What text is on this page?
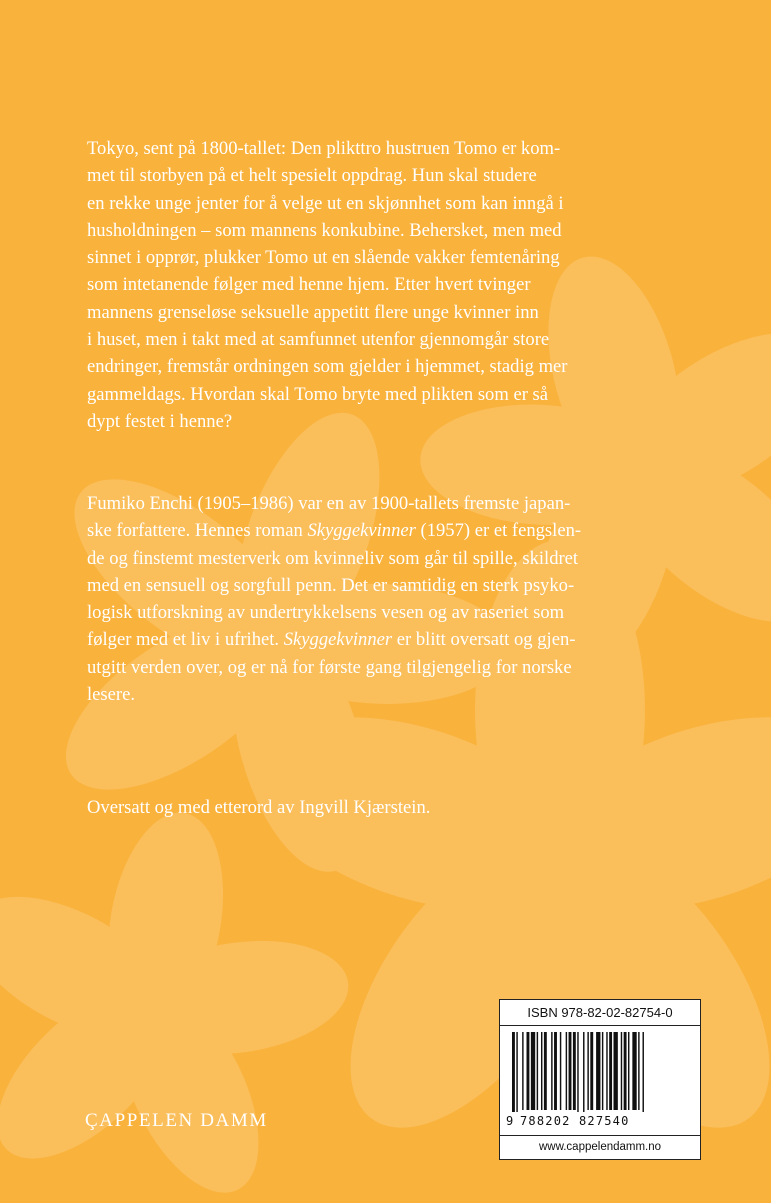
Tokyo, sent på 1800-tallet: Den plikttro hustruen Tomo er kom-
met til storbyen på et helt spesielt oppdrag. Hun skal studere
en rekke unge jenter for å velge ut en skjønnhet som kan inngå i
husholdningen – som mannens konkubine. Behersket, men med
sinnet i opprør, plukker Tomo ut en slående vakker femtenåring
som intetanende følger med henne hjem. Etter hvert tvinger
mannens grenseløse seksuelle appetitt flere unge kvinner inn
i huset, men i takt med at samfunnet utenfor gjennomgår store
endringer, fremstår ordningen som gjelder i hjemmet, stadig mer
gammeldags. Hvordan skal Tomo bryte med plikten som er så
dypt festet i henne?
Fumiko Enchi (1905–1986) var en av 1900-tallets fremste japan-
ske forfattere. Hennes roman Skyggekvinner (1957) er et fengslen-
de og finstemt mesterverk om kvinneliv som går til spille, skildret
med en sensuell og sorgfull penn. Det er samtidig en sterk psyko-
logisk utforskning av undertrykkelsens vesen og av raseriet som
følger med et liv i ufrihet. Skyggekvinner er blitt oversatt og gjen-
utgitt verden over, og er nå for første gang tilgjengelig for norske
lesere.
Oversatt og med etterord av Ingvill Kjærstein.
ÇAPPELEN DAMM
ISBN 978-82-02-82754-0
9 788202 827540
www.cappelendamm.no
